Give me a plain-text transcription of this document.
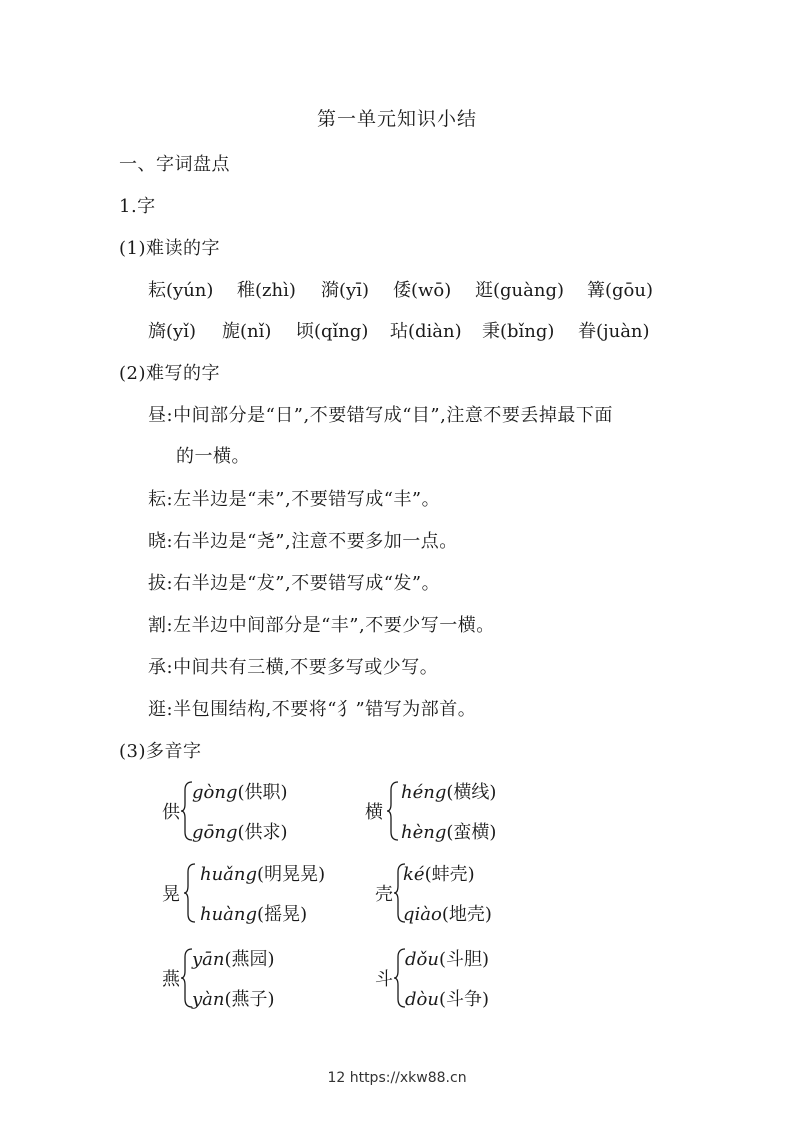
第一单元知识小结
一、字词盘点
1.字
(1)难读的字
耘(yún) 稚(zhì) 漪(yī) 倭(wō) 逛(guàng) 篝(gōu)
旖(yǐ) 旎(nǐ) 顷(qǐng) 玷(diàn) 秉(bǐng) 眷(juàn)
(2)难写的字
昼:中间部分是“日”,不要错写成“目”,注意不要丢掉最下面
的一横。
耘:左半边是“耒”,不要错写成“丰”。
晓:右半边是“尧”,注意不要多加一点。
拔:右半边是“犮”,不要错写成“发”。
割:左半边中间部分是“丰”,不要少写一横。
承:中间共有三横,不要多写或少写。
逛:半包围结构,不要将“犭”错写为部首。
(3)多音字
供
gòng(供职)
gōng(供求)
横
héng(横线)
hèng(蛮横)
晃
huǎng(明晃晃)
huàng(摇晃)
壳
ké(蚌壳)
qiào(地壳)
燕
yān(燕园)
yàn(燕子)
斗
dǒu(斗胆)
dòu(斗争)
12 https://xkw88.cn
